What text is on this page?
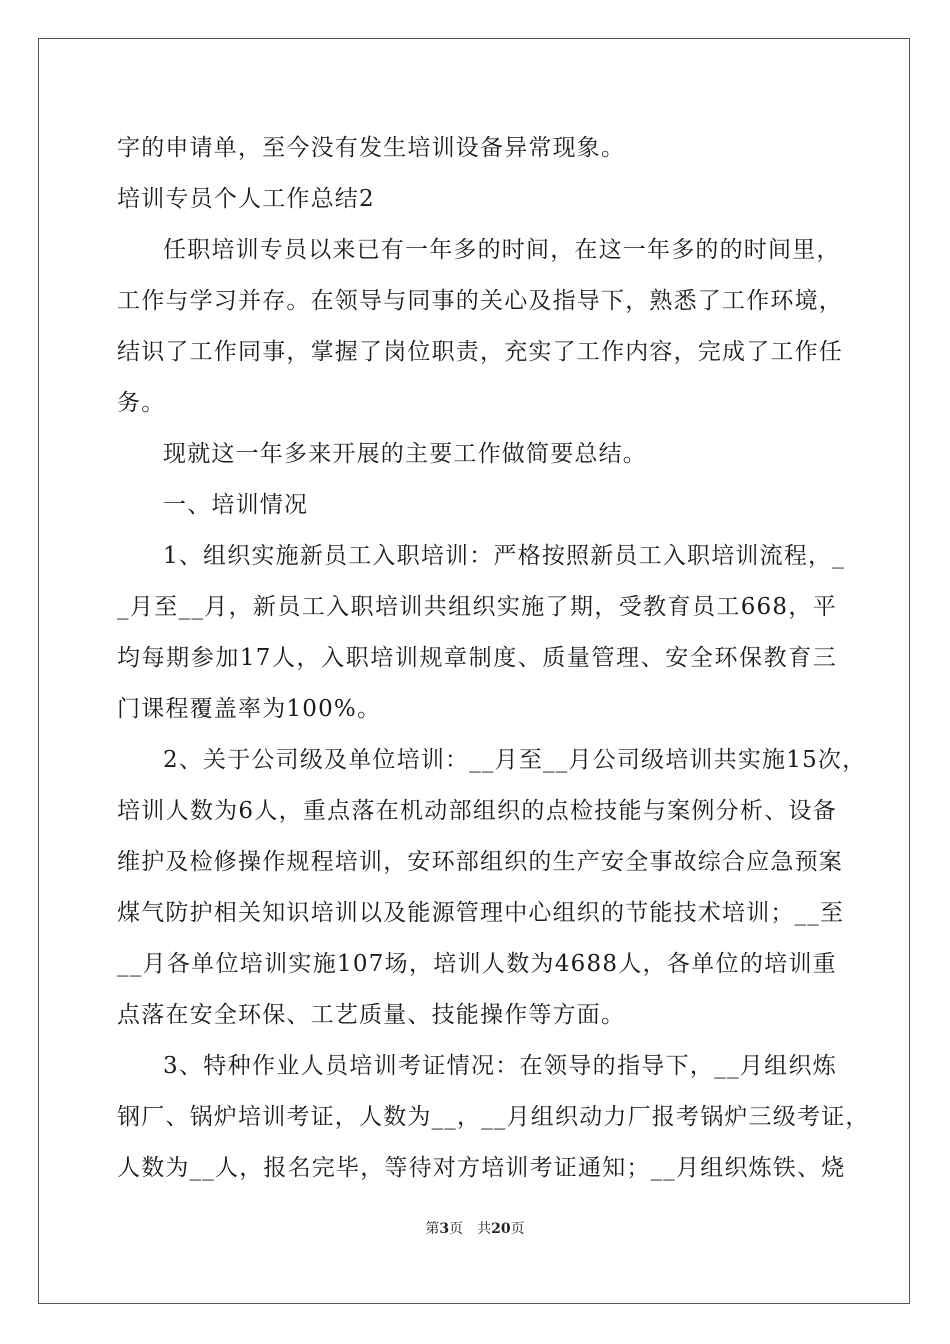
字的申请单，至今没有发生培训设备异常现象。
培训专员个人工作总结2
任职培训专员以来已有一年多的时间，在这一年多的的时间里，
工作与学习并存。在领导与同事的关心及指导下，熟悉了工作环境，
结识了工作同事，掌握了岗位职责，充实了工作内容，完成了工作任
务。
现就这一年多来开展的主要工作做简要总结。
一、培训情况
1、组织实施新员工入职培训：严格按照新员工入职培训流程，_
_月至__月，新员工入职培训共组织实施了期，受教育员工668，平
均每期参加17人，入职培训规章制度、质量管理、安全环保教育三
门课程覆盖率为100%。
2、关于公司级及单位培训：__月至__月公司级培训共实施15次，
培训人数为6人，重点落在机动部组织的点检技能与案例分析、设备
维护及检修操作规程培训，安环部组织的生产安全事故综合应急预案
煤气防护相关知识培训以及能源管理中心组织的节能技术培训；__至
__月各单位培训实施107场，培训人数为4688人，各单位的培训重
点落在安全环保、工艺质量、技能操作等方面。
3、特种作业人员培训考证情况：在领导的指导下，__月组织炼
钢厂、锅炉培训考证，人数为__，__月组织动力厂报考锅炉三级考证，
人数为__人，报名完毕，等待对方培训考证通知；__月组织炼铁、烧
第3页 共20页
